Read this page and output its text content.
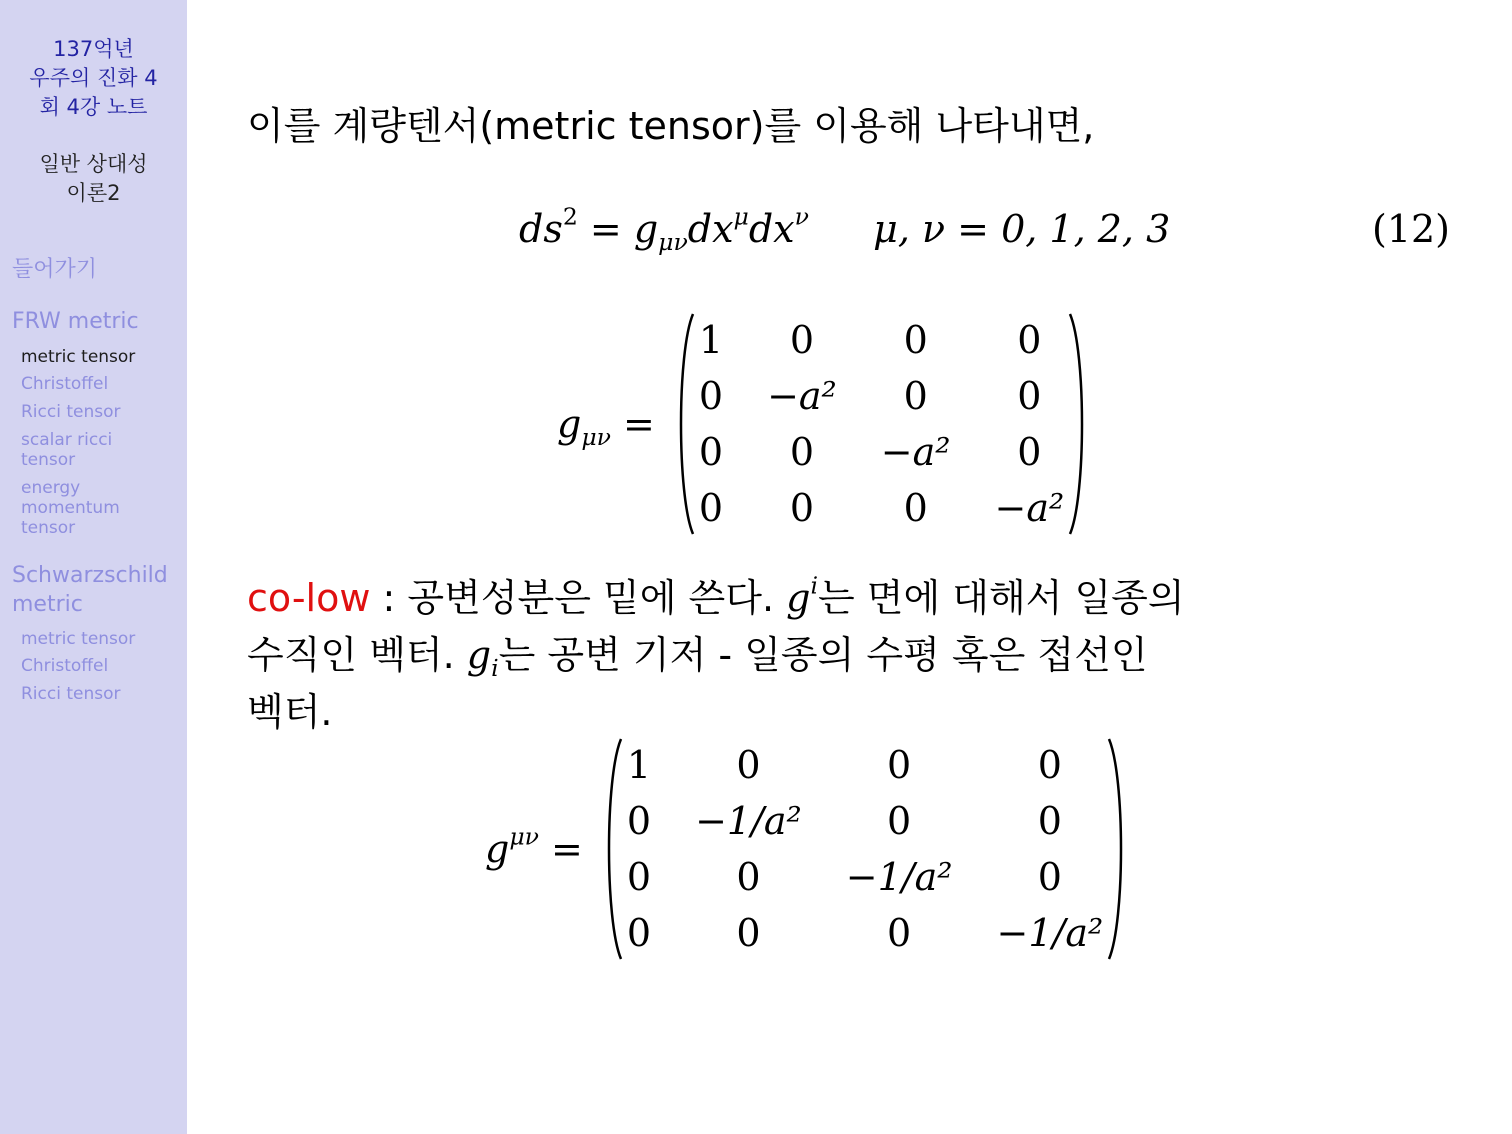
137억년
우주의 진화 4
회 4강 노트
일반 상대성
이론2
들어가기
FRW metric
metric tensor
Christoffel
Ricci tensor
scalar ricci tensor
energy momentum tensor
Schwarzschild metric
metric tensor
Christoffel
Ricci tensor
이를 계량텐서(metric tensor)를 이용해 나타내면,
$ds^2 = g_{\mu\nu}dx^\mu dx^\nu$ μ, ν = 0, 1, 2, 3	(12)
$g_{\mu\nu}$ =
1	0	0	0
0	−a²	0	0
0	0	−a²	0
0	0	0	−a²
co-low : 공변성분은 밑에 쓴다. $g^i$는 면에 대해서 일종의
수직인 벡터. $g_i$는 공변 기저 - 일종의 수평 혹은 접선인
벡터.
$g^{\mu\nu}$ =
1	0	0	0
0	−1/a²	0	0
0	0	−1/a²	0
0	0	0	−1/a²
